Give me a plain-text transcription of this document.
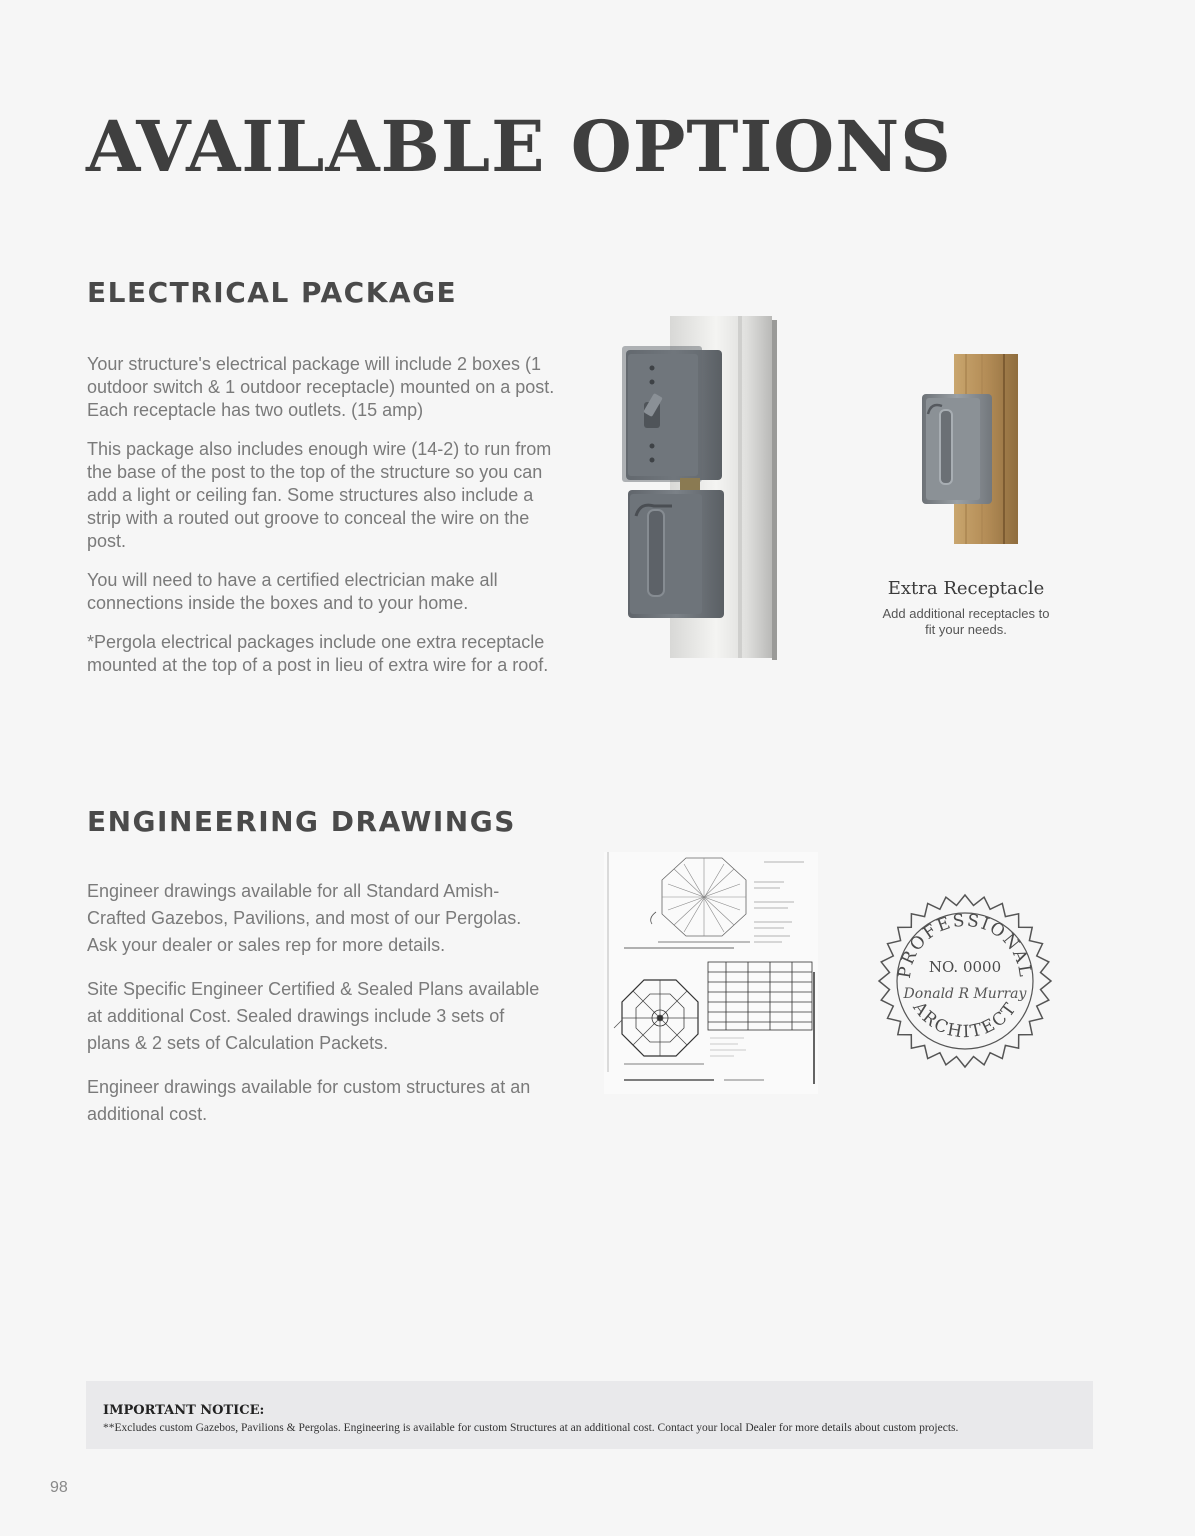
AVAILABLE OPTIONS
ELECTRICAL PACKAGE

Your structure's electrical package will include 2 boxes (1 outdoor switch & 1 outdoor receptacle) mounted on a post. Each receptacle has two outlets. (15 amp)

This package also includes enough wire (14-2) to run from the base of the post to the top of the structure so you can add a light or ceiling fan. Some structures also include a strip with a routed out groove to conceal the wire on the post.

You will need to have a certified electrician make all connections inside the boxes and to your home.

*Pergola electrical packages include one extra receptacle mounted at the top of a post in lieu of extra wire for a roof.

Extra Receptacle
Add additional receptacles to
fit your needs.
ENGINEERING DRAWINGS

Engineer drawings available for all Standard Amish-Crafted Gazebos, Pavilions, and most of our Pergolas. Ask your dealer or sales rep for more details.

Site Specific Engineer Certified & Sealed Plans available at additional Cost. Sealed drawings include 3 sets of plans & 2 sets of Calculation Packets.

Engineer drawings available for custom structures at an additional cost.

PROFESSIONAL
ARCHITECT
NO. 0000
Donald R Murray
IMPORTANT NOTICE:
**Excludes custom Gazebos, Pavilions & Pergolas. Engineering is available for custom Structures at an additional cost. Contact your local Dealer for more details about custom projects.
98
